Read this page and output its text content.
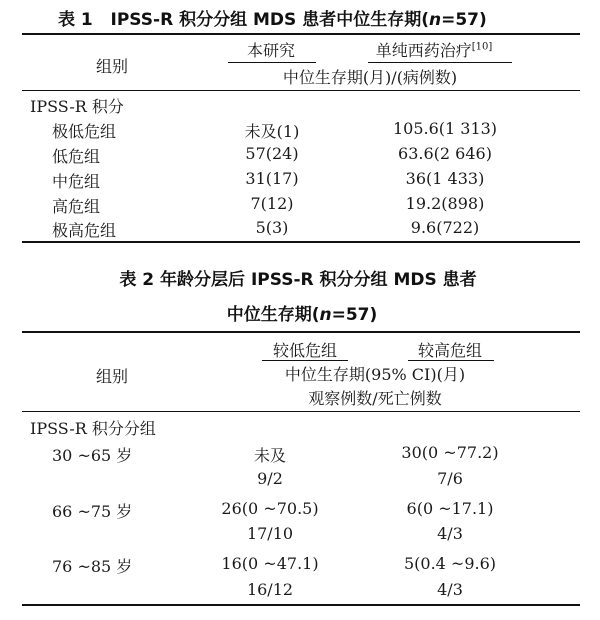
表 1 IPSS-R 积分分组 MDS 患者中位生存期(n=57)
组别
本研究	单纯西药治疗[10]
中位生存期(月)/(病例数)
IPSS-R 积分
极低危组	未及(1)	105.6(1 313)
低危组	57(24)	63.6(2 646)
中危组	31(17)	36(1 433)
高危组	7(12)	19.2(898)
极高危组	5(3)	9.6(722)
表 2 年龄分层后 IPSS-R 积分分组 MDS 患者
中位生存期(n=57)
组别
较低危组	较高危组
中位生存期(95% CI)(月)
观察例数/死亡例数
IPSS-R 积分分组
30 ~65 岁	未及	30(0 ~77.2)
9/2	7/6
66 ~75 岁	26(0 ~70.5)	6(0 ~17.1)
17/10	4/3
76 ~85 岁	16(0 ~47.1)	5(0.4 ~9.6)
16/12	4/3
